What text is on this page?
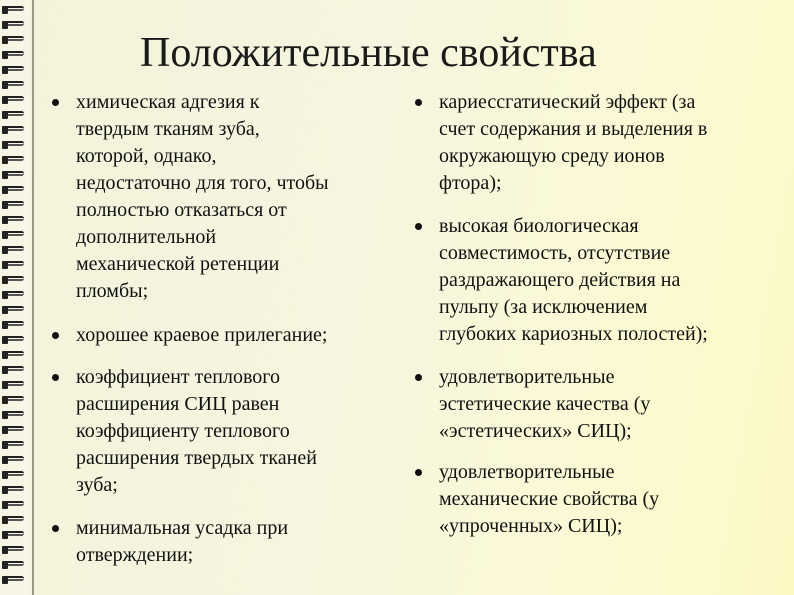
Положительные свойства
химическая адгезия к
твердым тканям зуба,
которой, однако,
недостаточно для того, чтобы
полностью отказаться от
дополнительной
механической ретенции
пломбы;
хорошее краевое прилегание;
коэффициент теплового
расширения СИЦ равен
коэффициенту теплового
расширения твердых тканей
зуба;
минимальная усадка при
отверждении;
кариессгатический эффект (за
счет содержания и выделения в
окружающую среду ионов
фтора);
высокая биологическая
совместимость, отсутствие
раздражающего действия на
пульпу (за исключением
глубоких кариозных полостей);
удовлетворительные
эстетические качества (у
«эстетических» СИЦ);
удовлетворительные
механические свойства (у
«упроченных» СИЦ);
